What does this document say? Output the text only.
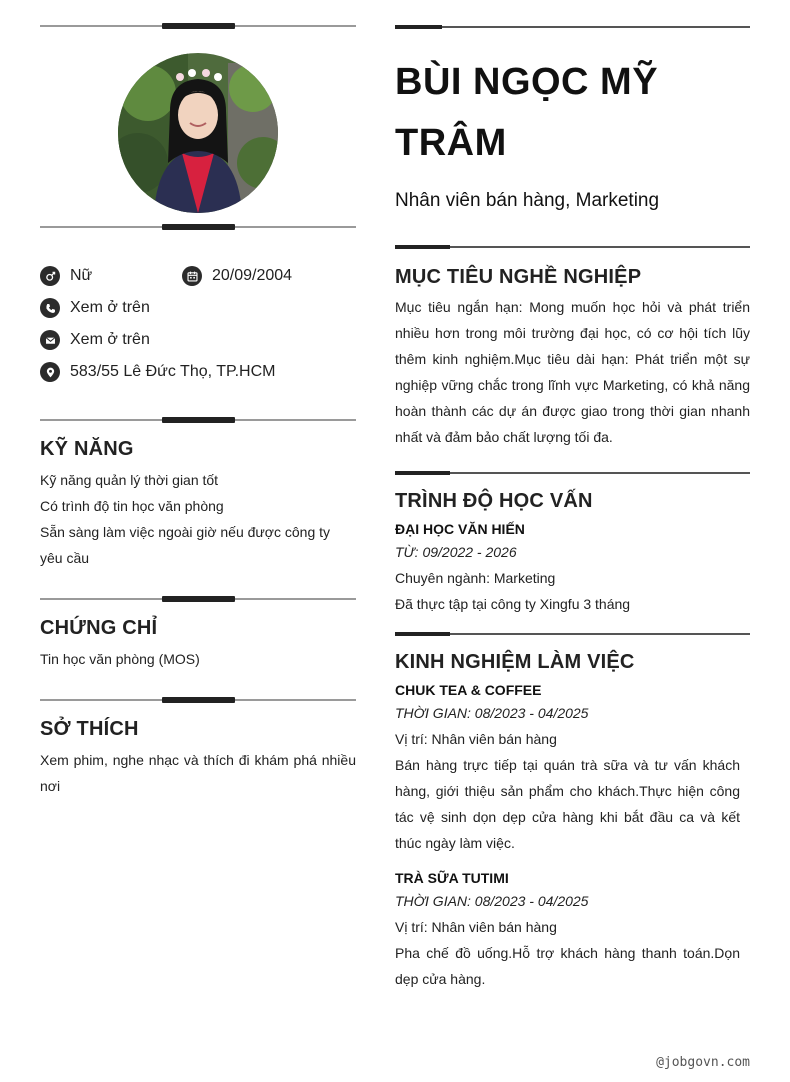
Nữ	20/09/2004
Xem ở trên
Xem ở trên
583/55 Lê Đức Thọ, TP.HCM
KỸ NĂNG
Kỹ năng quản lý thời gian tốt
Có trình độ tin học văn phòng
Sẵn sàng làm việc ngoài giờ nếu được công ty yêu cầu
CHỨNG CHỈ
Tin học văn phòng (MOS)
SỞ THÍCH
Xem phim, nghe nhạc và thích đi khám phá nhiều nơi
BÙI NGỌC MỸ
TRÂM
Nhân viên bán hàng, Marketing
MỤC TIÊU NGHỀ NGHIỆP
Mục tiêu ngắn hạn: Mong muốn học hỏi và phát triển nhiều hơn trong môi trường đại học, có cơ hội tích lũy thêm kinh nghiệm.Mục tiêu dài hạn: Phát triển một sự nghiệp vững chắc trong lĩnh vực Marketing, có khả năng hoàn thành các dự án được giao trong thời gian nhanh nhất và đảm bảo chất lượng tối đa.
TRÌNH ĐỘ HỌC VẤN
ĐẠI HỌC VĂN HIẾN
TỪ: 09/2022 - 2026
Chuyên ngành: Marketing
Đã thực tập tại công ty Xingfu 3 tháng
KINH NGHIỆM LÀM VIỆC
CHUK TEA & COFFEE
THỜI GIAN: 08/2023 - 04/2025
Vị trí: Nhân viên bán hàng
Bán hàng trực tiếp tại quán trà sữa và tư vấn khách hàng, giới thiệu sản phẩm cho khách.Thực hiện công tác vệ sinh dọn dẹp cửa hàng khi bắt đầu ca và kết thúc ngày làm việc.
TRÀ SỮA TUTIMI
THỜI GIAN: 08/2023 - 04/2025
Vị trí: Nhân viên bán hàng
Pha chế đồ uống.Hỗ trợ khách hàng thanh toán.Dọn dẹp cửa hàng.
@jobgovn.com
